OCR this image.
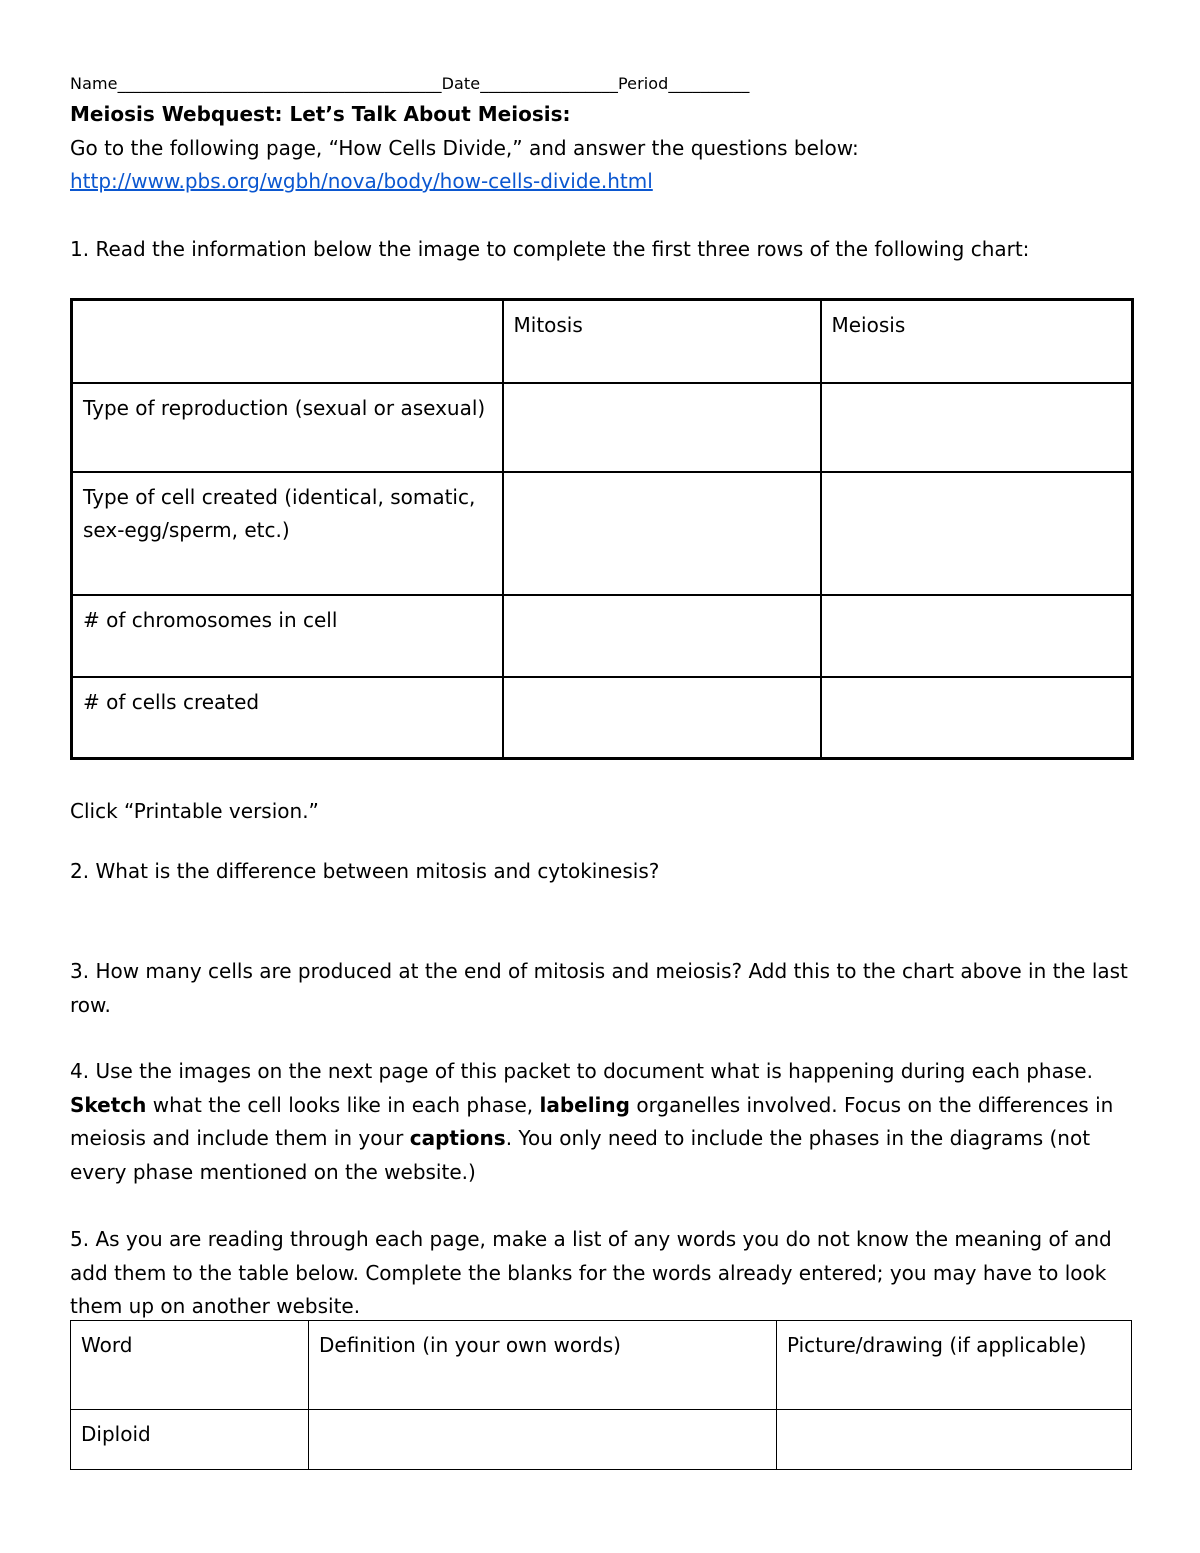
Name________________________________________Date_________________Period__________
Meiosis Webquest: Let’s Talk About Meiosis:
Go to the following page, “How Cells Divide,” and answer the questions below:
http://www.pbs.org/wgbh/nova/body/how-cells-divide.html
1. Read the information below the image to complete the first three rows of the following chart:
Click “Printable version.”
2. What is the difference between mitosis and cytokinesis?
3. How many cells are produced at the end of mitosis and meiosis? Add this to the chart above in the last row.
4. Use the images on the next page of this packet to document what is happening during each phase. Sketch what the cell looks like in each phase, labeling organelles involved. Focus on the differences in meiosis and include them in your captions. You only need to include the phases in the diagrams (not every phase mentioned on the website.)
5. As you are reading through each page, make a list of any words you do not know the meaning of and add them to the table below. Complete the blanks for the words already entered; you may have to look them up on another website.
	Mitosis	Meiosis
Type of reproduction (sexual or asexual)		
Type of cell created (identical, somatic, sex-egg/sperm, etc.)		
# of chromosomes in cell		
# of cells created		
Word	Definition (in your own words)	Picture/drawing (if applicable)
Diploid		
